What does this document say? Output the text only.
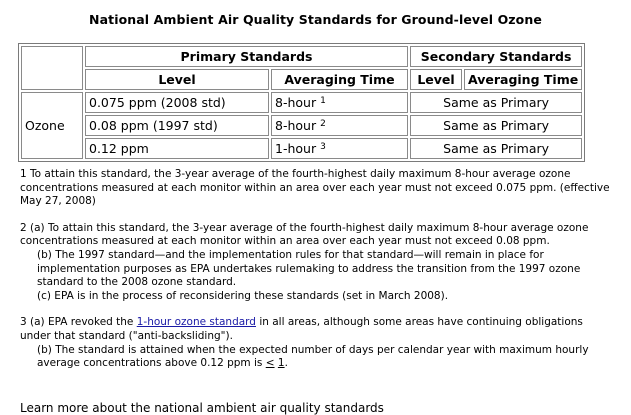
National Ambient Air Quality Standards for Ground-level Ozone
	Primary Standards		Secondary Standards	
	Level	Averaging Time	Level	Averaging Time
Ozone	0.075 ppm (2008 std)	8-hour $^1$	Same as Primary	
	0.08 ppm (1997 std)	8-hour $^2$	Same as Primary	
	0.12 ppm	1-hour $^3$	Same as Primary	

1 To attain this standard, the 3-year average of the fourth-highest daily maximum 8-hour average ozone concentrations measured at each monitor within an area over each year must not exceed 0.075 ppm. (effective May 27, 2008)

2 (a) To attain this standard, the 3-year average of the fourth-highest daily maximum 8-hour average ozone concentrations measured at each monitor within an area over each year must not exceed 0.08 ppm.

(b) The 1997 standard—and the implementation rules for that standard—will remain in place for implementation purposes as EPA undertakes rulemaking to address the transition from the 1997 ozone standard to the 2008 ozone standard.

(c) EPA is in the process of reconsidering these standards (set in March 2008).

3 (a) EPA revoked the 1-hour ozone standard in all areas, although some areas have continuing obligations under that standard ("anti-backsliding").

(b) The standard is attained when the expected number of days per calendar year with maximum hourly average concentrations above 0.12 ppm is ≤ 1.

Learn more about the national ambient air quality standards
